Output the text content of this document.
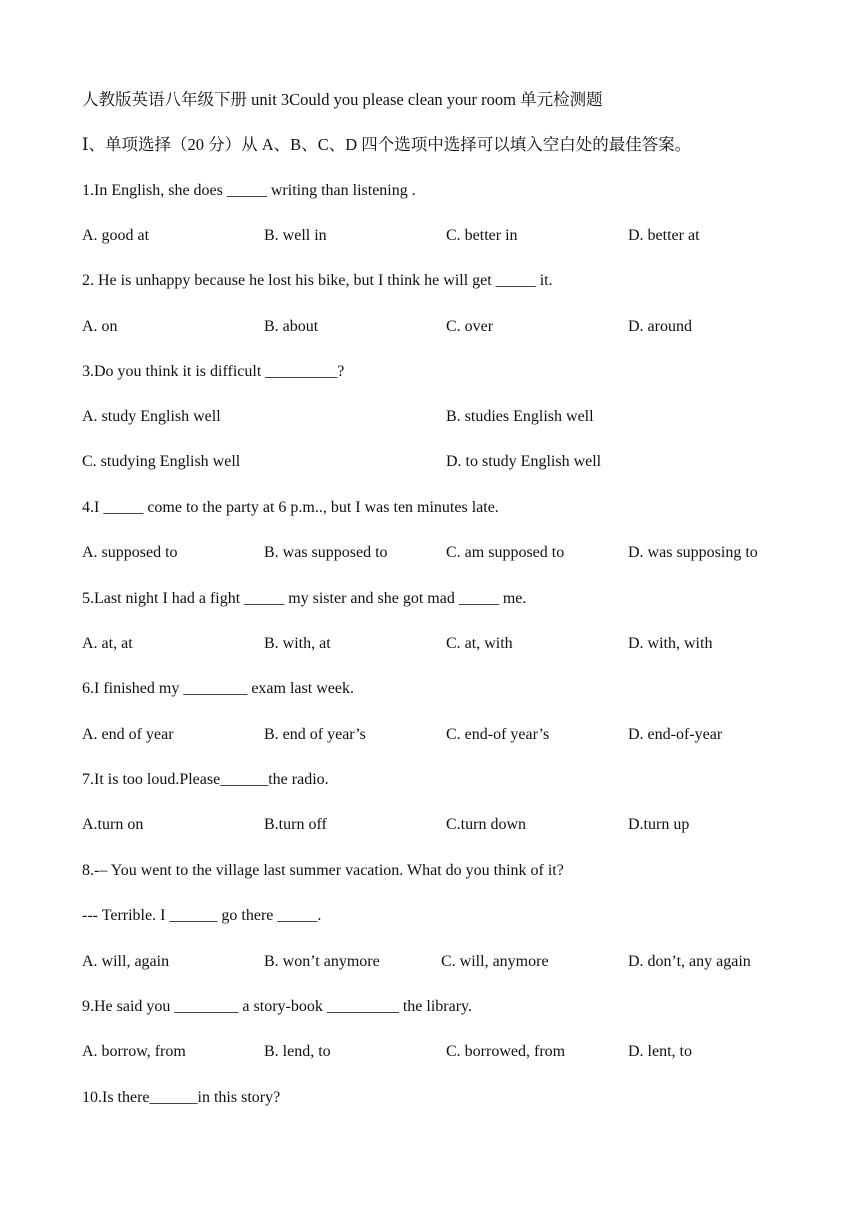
人教版英语八年级下册 unit 3Could you please clean your room 单元检测题
Ⅰ、单项选择（20 分）从 A、B、C、D 四个选项中选择可以填入空白处的最佳答案。
1.In English, she does _____ writing than listening .
A. good at	B. well in	C. better in	D. better at
2. He is unhappy because he lost his bike, but I think he will get _____ it.
A. on	B. about	C. over	D. around
3.Do you think it is difficult _________?
A. study English well	B. studies English well
C. studying English well	D. to study English well
4.I _____ come to the party at 6 p.m.., but I was ten minutes late.
A. supposed to	B. was supposed to	C. am supposed to	D. was supposing to
5.Last night I had a fight _____ my sister and she got mad _____ me.
A. at, at	B. with, at	C. at, with	D. with, with
6.I finished my ________ exam last week.
A. end of year	B. end of year’s	C. end-of year’s	D. end-of-year
7.It is too loud.Please______the radio.
A.turn on	B.turn off	C.turn down	D.turn up
8.-– You went to the village last summer vacation. What do you think of it?
--- Terrible. I ______ go there _____.
A. will, again	B. won’t anymore	C. will, anymore	D. don’t, any again
9.He said you ________ a story-book _________ the library.
A. borrow, from	B. lend, to	C. borrowed, from	D. lent, to
10.Is there______in this story?
